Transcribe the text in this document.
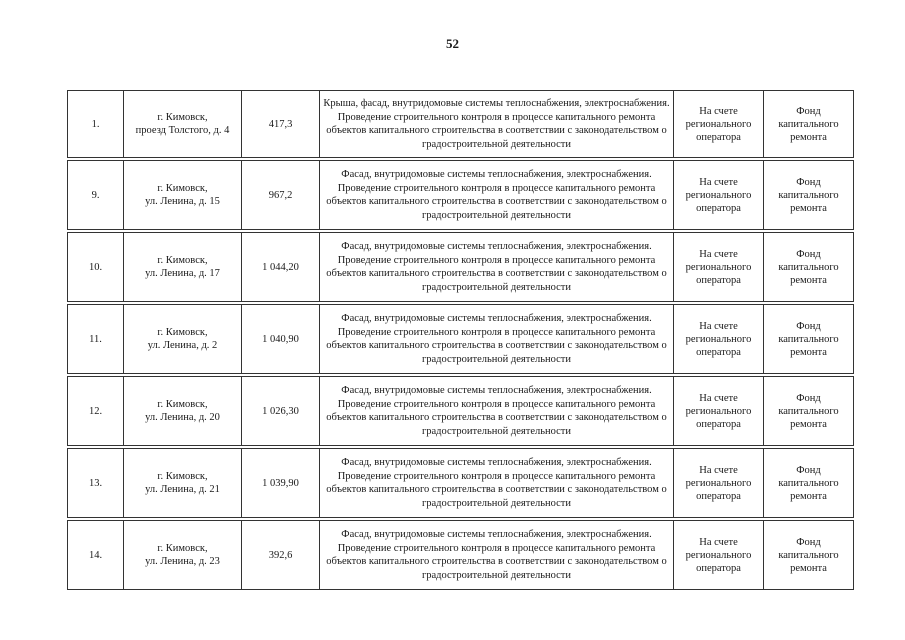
52
1.	г. Кимовск,
проезд Толстого, д. 4	417,3	Крыша, фасад, внутридомовые системы теплоснабжения, электроснабжения. Проведение строительного контроля в процессе капитального ремонта объектов капитального строительства в соответствии с законодательством о градостроительной деятельности	На счете регионального оператора	Фонд капитального ремонта

9.	г. Кимовск,
ул. Ленина, д. 15	967,2	Фасад, внутридомовые системы теплоснабжения, электроснабжения. Проведение строительного контроля в процессе капитального ремонта объектов капитального строительства в соответствии с законодательством о градостроительной деятельности	На счете регионального оператора	Фонд капитального ремонта

10.	г. Кимовск,
ул. Ленина, д. 17	1 044,20	Фасад, внутридомовые системы теплоснабжения, электроснабжения. Проведение строительного контроля в процессе капитального ремонта объектов капитального строительства в соответствии с законодательством о градостроительной деятельности	На счете регионального оператора	Фонд капитального ремонта

11.	г. Кимовск,
ул. Ленина, д. 2	1 040,90	Фасад, внутридомовые системы теплоснабжения, электроснабжения. Проведение строительного контроля в процессе капитального ремонта объектов капитального строительства в соответствии с законодательством о градостроительной деятельности	На счете регионального оператора	Фонд капитального ремонта

12.	г. Кимовск,
ул. Ленина, д. 20	1 026,30	Фасад, внутридомовые системы теплоснабжения, электроснабжения. Проведение строительного контроля в процессе капитального ремонта объектов капитального строительства в соответствии с законодательством о градостроительной деятельности	На счете регионального оператора	Фонд капитального ремонта

13.	г. Кимовск,
ул. Ленина, д. 21	1 039,90	Фасад, внутридомовые системы теплоснабжения, электроснабжения. Проведение строительного контроля в процессе капитального ремонта объектов капитального строительства в соответствии с законодательством о градостроительной деятельности	На счете регионального оператора	Фонд капитального ремонта

14.	г. Кимовск,
ул. Ленина, д. 23	392,6	Фасад, внутридомовые системы теплоснабжения, электроснабжения. Проведение строительного контроля в процессе капитального ремонта объектов капитального строительства в соответствии с законодательством о градостроительной деятельности	На счете регионального оператора	Фонд капитального ремонта
